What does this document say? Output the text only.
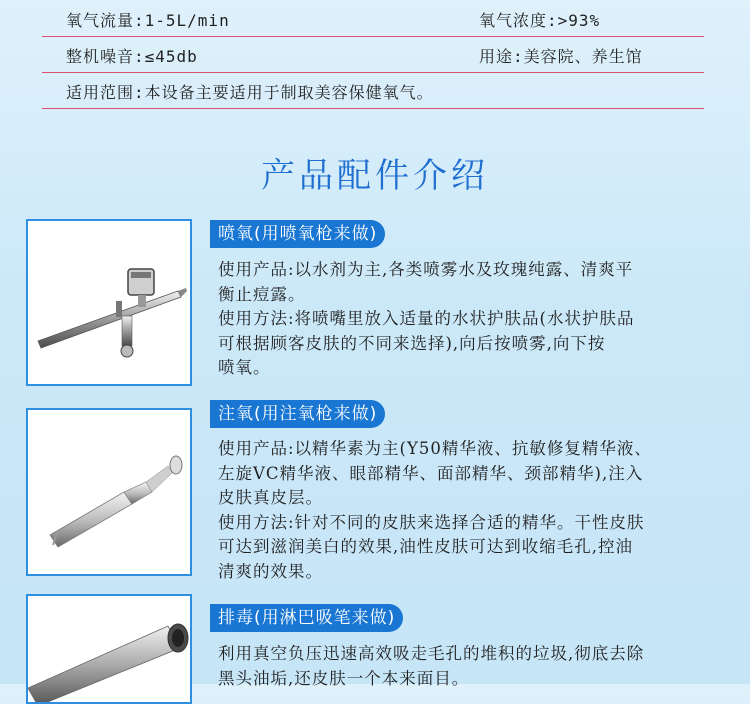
氧气流量:1-5L/min	氧气浓度:>93%
整机噪音:≤45db	用途:美容院、养生馆
适用范围:本设备主要适用于制取美容保健氧气。
产品配件介绍
喷氧(用喷氧枪来做)

使用产品:以水剂为主,各类喷雾水及玫瑰纯露、清爽平

衡止痘露。

使用方法:将喷嘴里放入适量的水状护肤品(水状护肤品

可根据顾客皮肤的不同来选择),向后按喷雾,向下按

喷氧。

注氧(用注氧枪来做)

使用产品:以精华素为主(Y50精华液、抗敏修复精华液、

左旋VC精华液、眼部精华、面部精华、颈部精华),注入

皮肤真皮层。

使用方法:针对不同的皮肤来选择合适的精华。干性皮肤

可达到滋润美白的效果,油性皮肤可达到收缩毛孔,控油

清爽的效果。

排毒(用淋巴吸笔来做)

利用真空负压迅速高效吸走毛孔的堆积的垃圾,彻底去除

黑头油垢,还皮肤一个本来面目。
